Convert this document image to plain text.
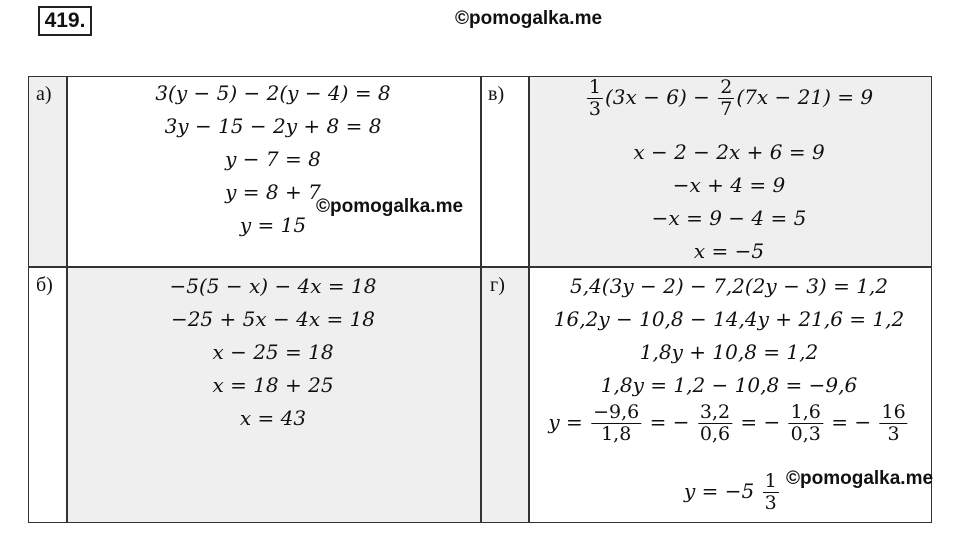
419.	©pomogalka.me
а)	3(y − 5) − 2(y − 4) = 8
3y − 15 − 2y + 8 = 8
y − 7 = 8
y = 8 + 7
y = 15
б)	−5(5 − x) − 4x = 18
−25 + 5x − 4x = 18
x − 25 = 18
x = 18 + 25
x = 43
в)	$\frac{1}{3} (3x - 6) - \frac{2}{7} (7x - 21) = 9$
x − 2 − 2x + 6 = 9
−x + 4 = 9
−x = 9 − 4 = 5
x = −5
г)	5,4(3y − 2) − 7,2(2y − 3) = 1,2
16,2y − 10,8 − 14,4y + 21,6 = 1,2
1,8y + 10,8 = 1,2
1,8y = 1,2 − 10,8 = −9,6
$y = \frac{-9,6}{1,8}$ = − $\frac{3,2}{0,6}$ = − $\frac{1,6}{0,3}$ = − $\frac{16}{3}$
$y = -5 \frac{1}{3}$
©pomogalka.me
©pomogalka.me
